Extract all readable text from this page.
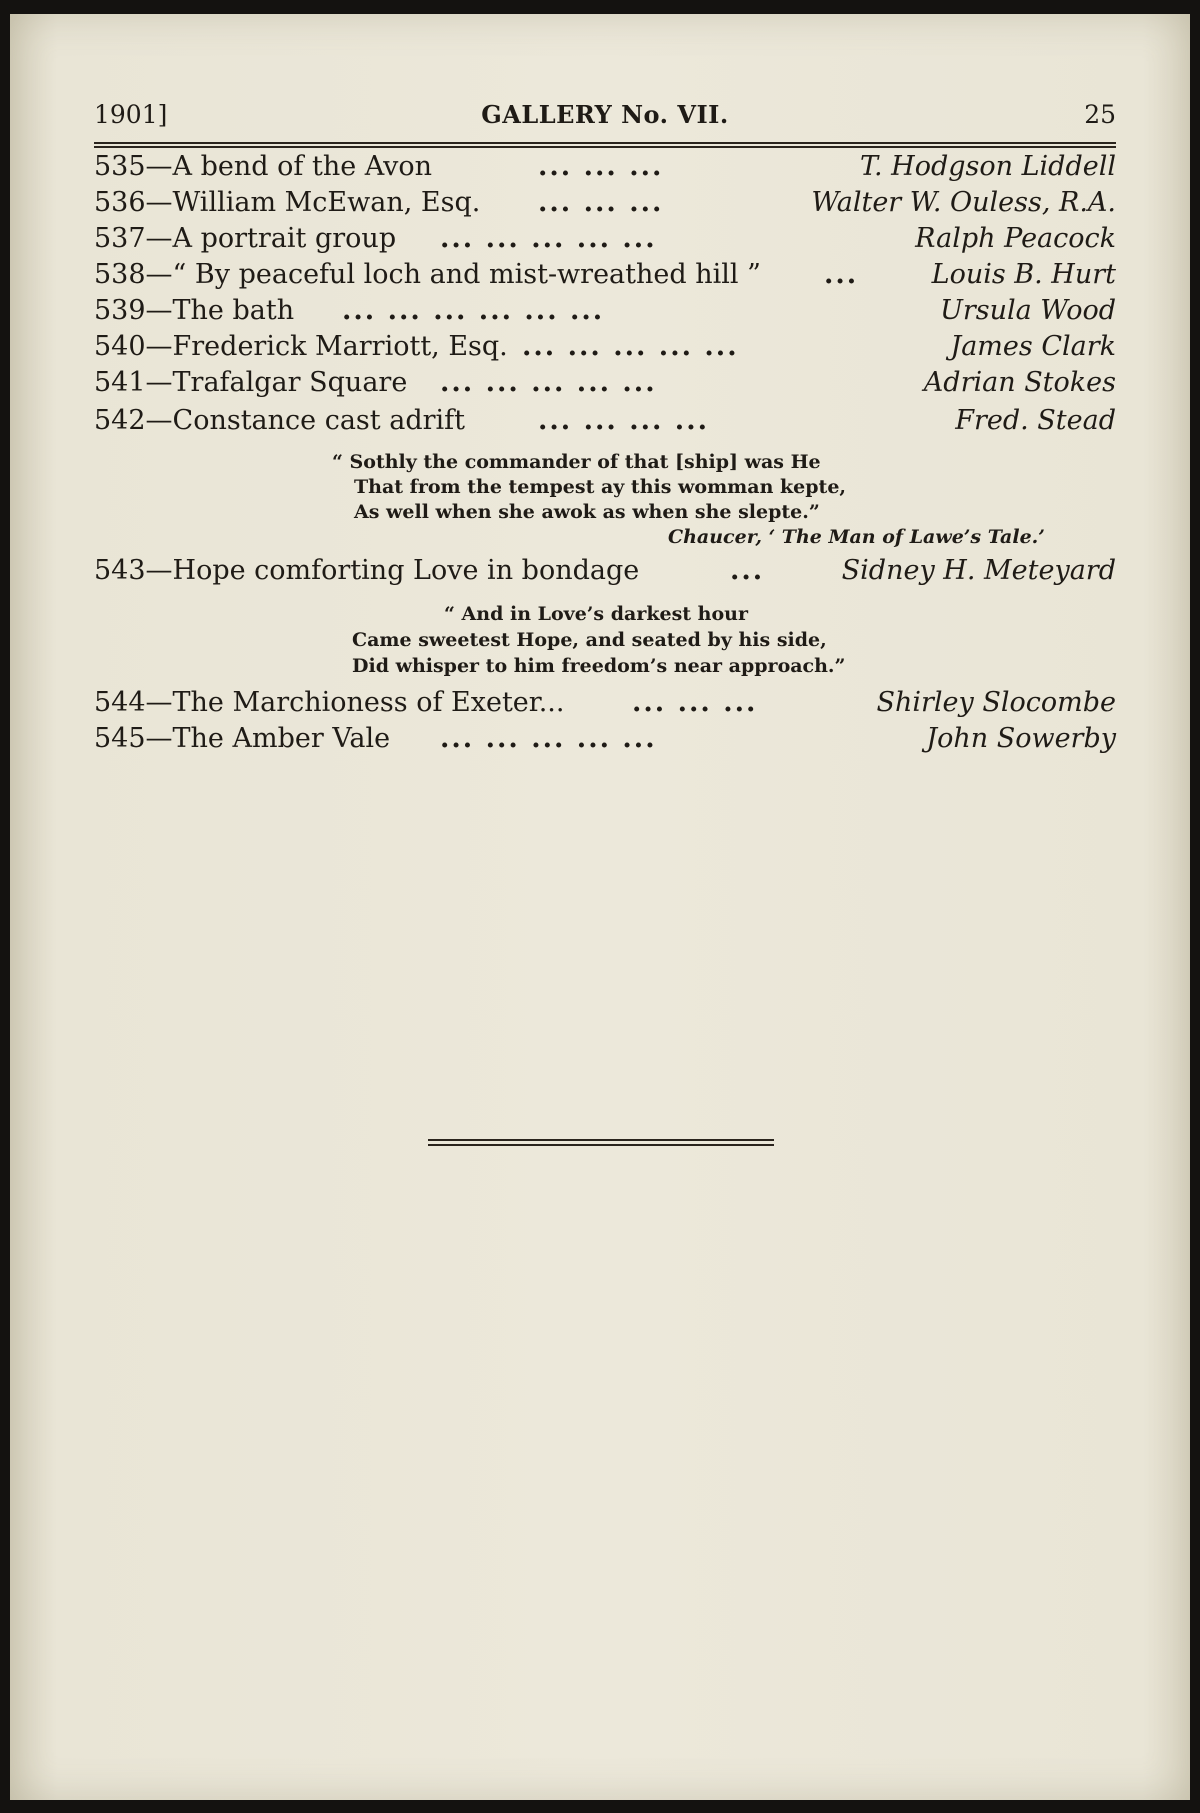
1901]	GALLERY No. VII.	25
535—A bend of the Avon	... ... ...	T. Hodgson Liddell
536—William McEwan, Esq. ... ... ...	Walter W. Ouless, R.A.
537—A portrait group ... ... ... ... ...	Ralph Peacock
538—“ By peaceful loch and mist-wreathed hill ” ...	Louis B. Hurt
539—The bath ... ... ... ... ... ...	Ursula Wood
540—Frederick Marriott, Esq. ... ... ... ... ...	James Clark
541—Trafalgar Square ... ... ... ... ...	Adrian Stokes
542—Constance cast adrift	... ... ... ...	Fred. Stead
“ Sothly the commander of that [ship] was He
That from the tempest ay this womman kepte,
As well when she awok as when she slepte.”
Chaucer, ‘ The Man of Lawe’s Tale.’
543—Hope comforting Love in bondage	...	Sidney H. Meteyard
“ And in Love’s darkest hour
Came sweetest Hope, and seated by his side,
Did whisper to him freedom’s near approach.”
544—The Marchioness of Exeter...	... ... ...	Shirley Slocombe
545—The Amber Vale ... ... ... ... ...	John Sowerby
